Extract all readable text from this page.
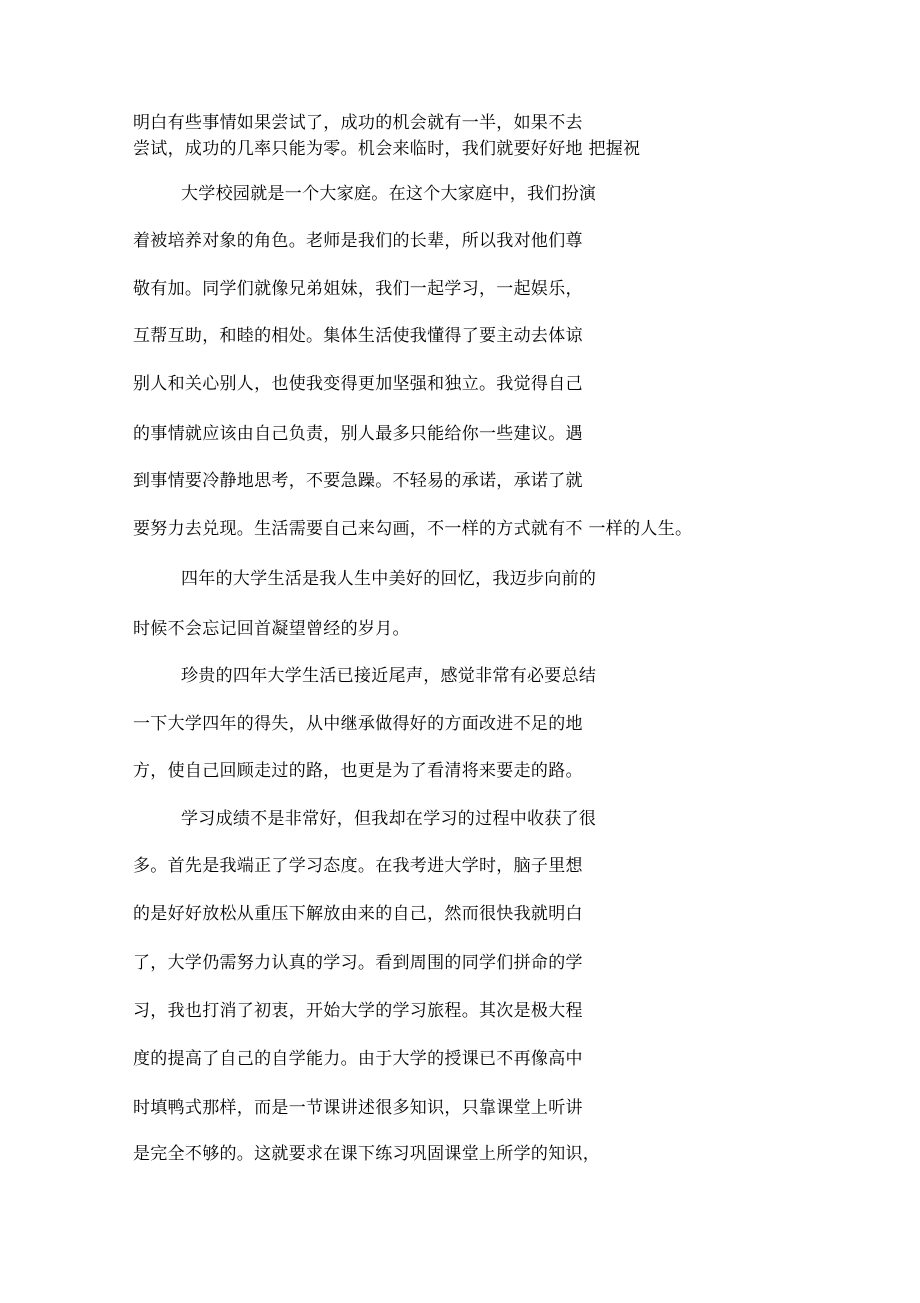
明白有些事情如果尝试了，成功的机会就有一半，如果不去
尝试，成功的几率只能为零。机会来临时，我们就要好好地 把握祝
大学校园就是一个大家庭。在这个大家庭中，我们扮演
着被培养对象的角色。老师是我们的长辈，所以我对他们尊
敬有加。同学们就像兄弟姐妹，我们一起学习，一起娱乐，
互帮互助，和睦的相处。集体生活使我懂得了要主动去体谅
别人和关心别人，也使我变得更加坚强和独立。我觉得自己
的事情就应该由自己负责，别人最多只能给你一些建议。遇
到事情要冷静地思考，不要急躁。不轻易的承诺，承诺了就
要努力去兑现。生活需要自己来勾画，不一样的方式就有不 一样的人生。
四年的大学生活是我人生中美好的回忆，我迈步向前的
时候不会忘记回首凝望曾经的岁月。
珍贵的四年大学生活已接近尾声，感觉非常有必要总结
一下大学四年的得失，从中继承做得好的方面改进不足的地
方，使自己回顾走过的路，也更是为了看清将来要走的路。
学习成绩不是非常好，但我却在学习的过程中收获了很
多。首先是我端正了学习态度。在我考进大学时，脑子里想
的是好好放松从重压下解放由来的自己，然而很快我就明白
了，大学仍需努力认真的学习。看到周围的同学们拼命的学
习，我也打消了初衷，开始大学的学习旅程。其次是极大程
度的提高了自己的自学能力。由于大学的授课已不再像高中
时填鸭式那样，而是一节课讲述很多知识，只靠课堂上听讲
是完全不够的。这就要求在课下练习巩固课堂上所学的知识，
